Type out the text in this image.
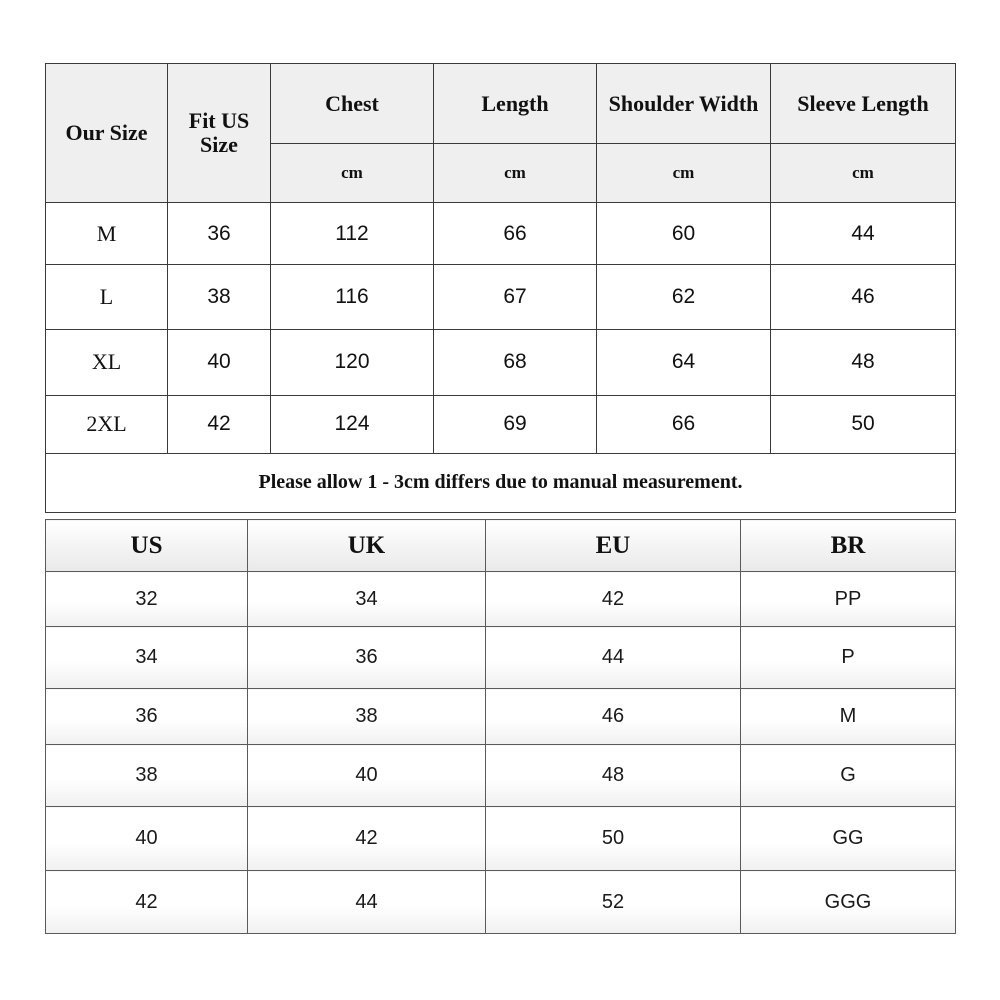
Our Size	Fit US Size	Chest	Length	Shoulder Width	Sleeve Length
		cm	cm	cm	cm
M	36	112	66	60	44
L	38	116	67	62	46
XL	40	120	68	64	48
2XL	42	124	69	66	50
Please allow 1 - 3cm differs due to manual measurement.					
US	UK	EU	BR
32	34	42	PP
34	36	44	P
36	38	46	M
38	40	48	G
40	42	50	GG
42	44	52	GGG
